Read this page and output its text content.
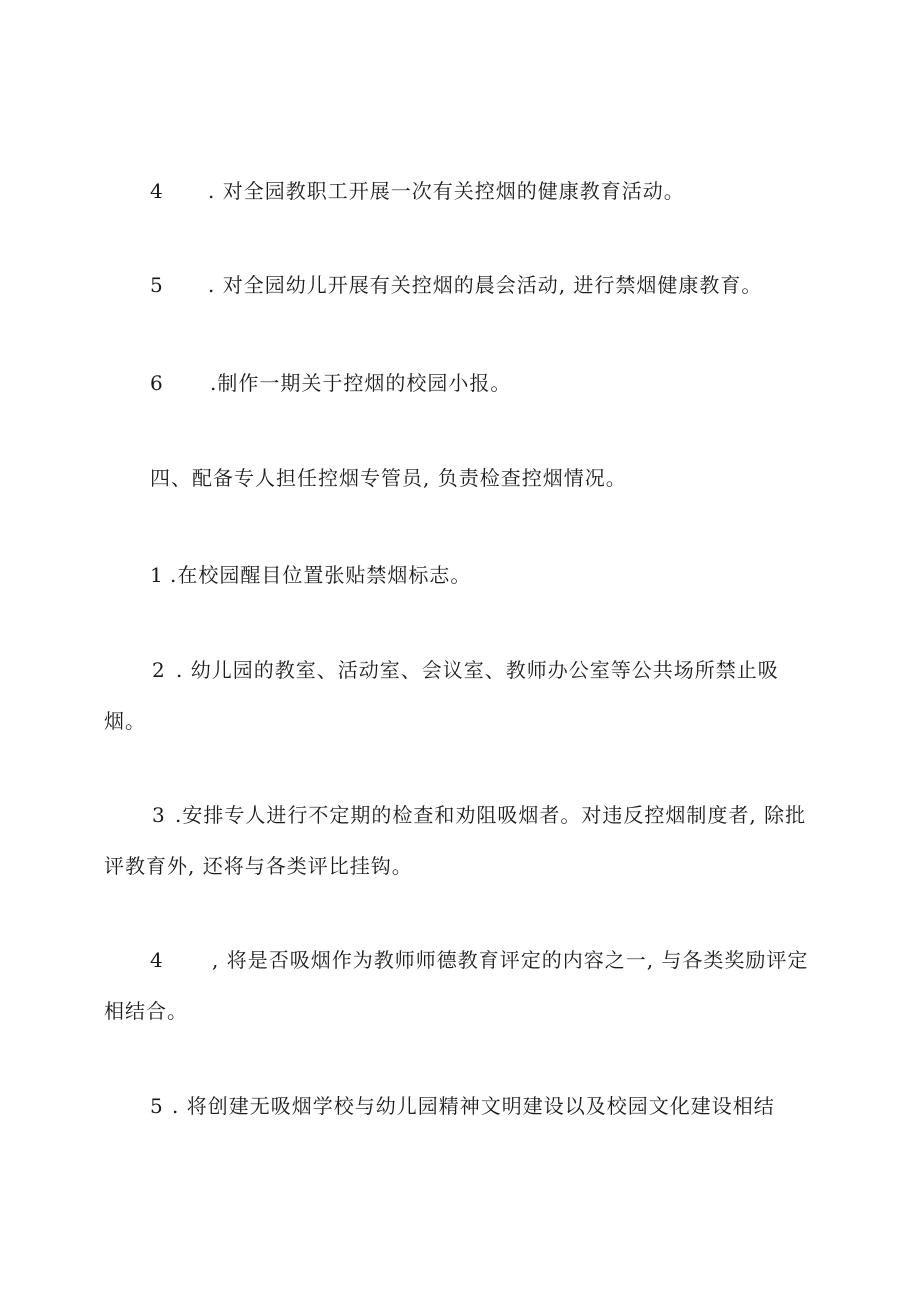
4 . 对全园教职工开展一次有关控烟的健康教育活动。
5 . 对全园幼儿开展有关控烟的晨会活动, 进行禁烟健康教育。
6 .制作一期关于控烟的校园小报。
四、配备专人担任控烟专管员, 负责检查控烟情况。
1 .在校园醒目位置张贴禁烟标志。
2 . 幼儿园的教室、活动室、会议室、教师办公室等公共场所禁止吸
烟。
3 .安排专人进行不定期的检查和劝阻吸烟者。对违反控烟制度者, 除批
评教育外, 还将与各类评比挂钩。
4 , 将是否吸烟作为教师师德教育评定的内容之一, 与各类奖励评定
相结合。
5 . 将创建无吸烟学校与幼儿园精神文明建设以及校园文化建设相结
